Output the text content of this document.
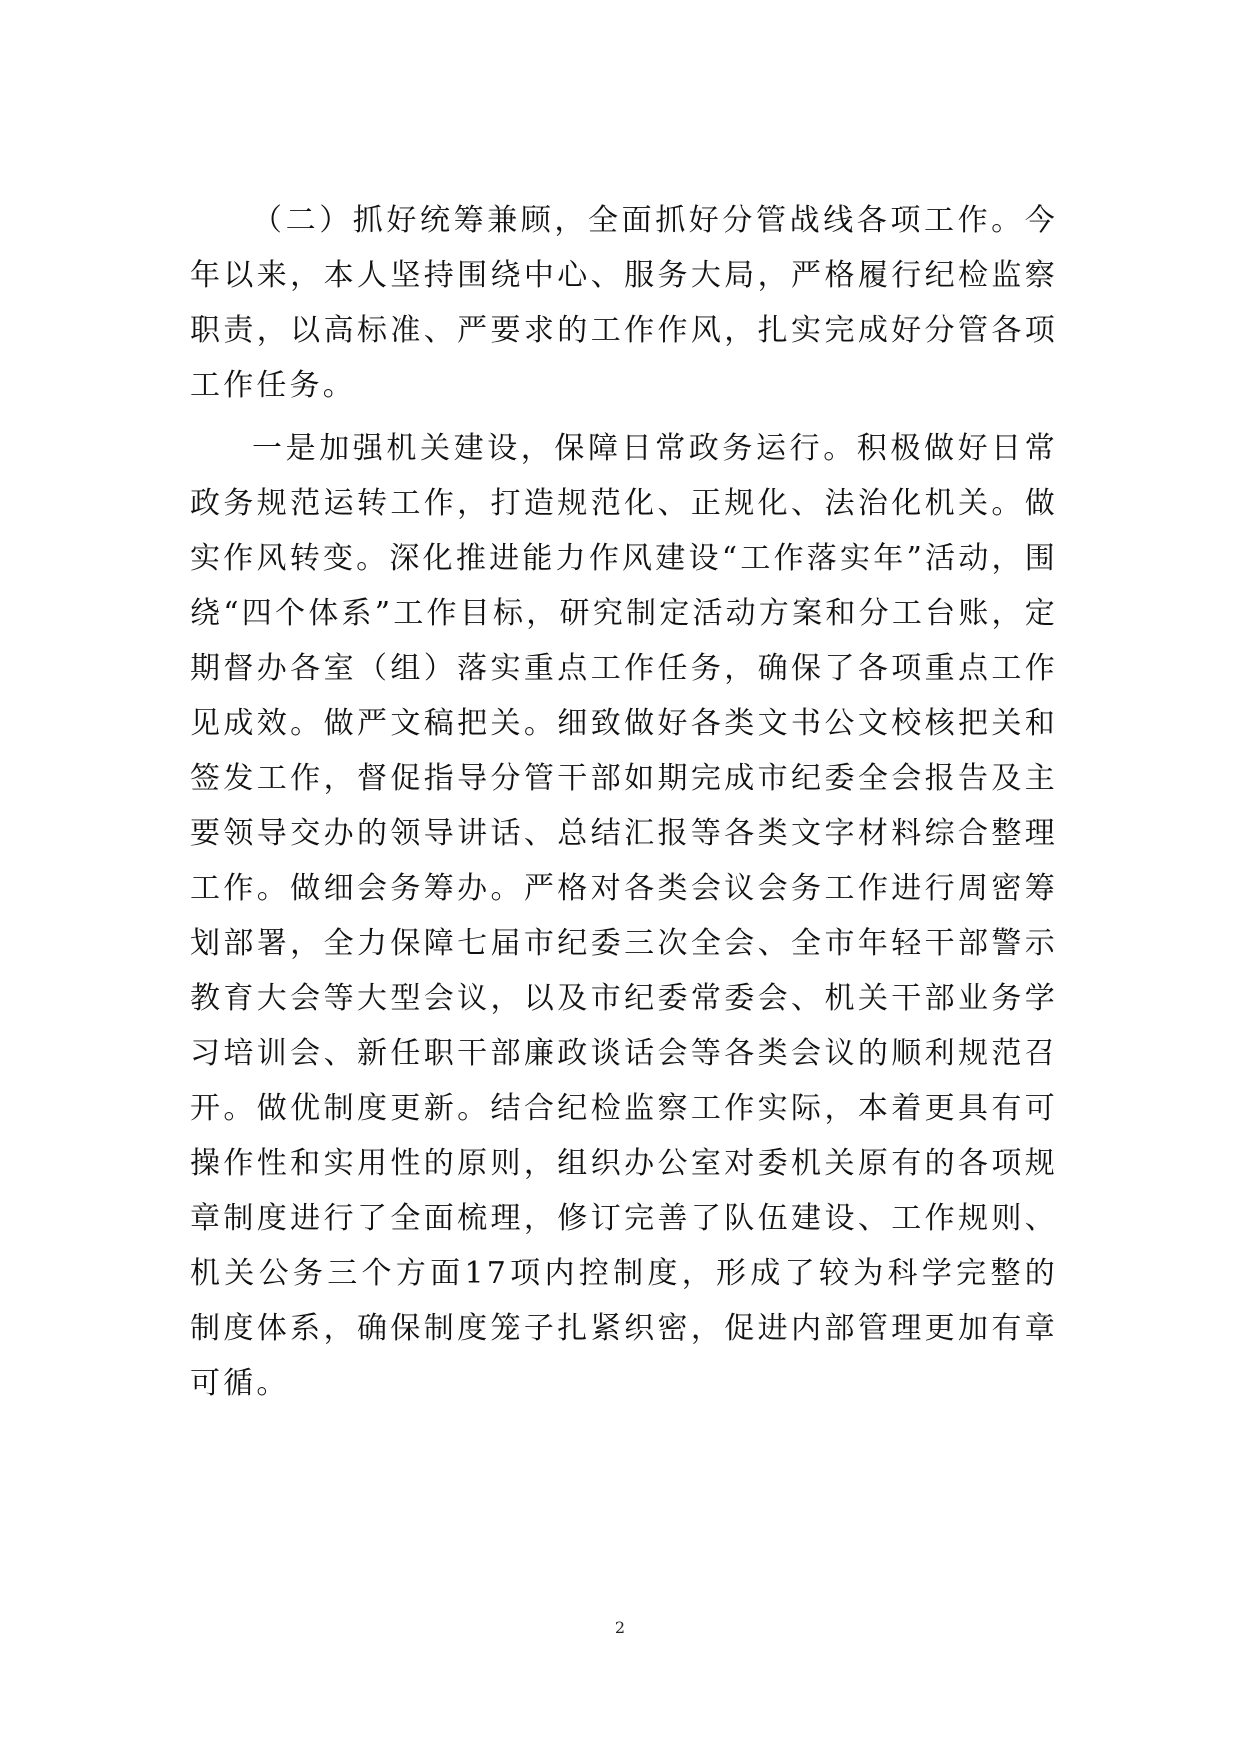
（二）抓好统筹兼顾，全面抓好分管战线各项工作。今年以来，本人坚持围绕中心、服务大局，严格履行纪检监察职责，以高标准、严要求的工作作风，扎实完成好分管各项工作任务。

一是加强机关建设，保障日常政务运行。积极做好日常政务规范运转工作，打造规范化、正规化、法治化机关。做实作风转变。深化推进能力作风建设“工作落实年”活动，围绕“四个体系”工作目标，研究制定活动方案和分工台账，定期督办各室（组）落实重点工作任务，确保了各项重点工作见成效。做严文稿把关。细致做好各类文书公文校核把关和签发工作，督促指导分管干部如期完成市纪委全会报告及主要领导交办的领导讲话、总结汇报等各类文字材料综合整理工作。做细会务筹办。严格对各类会议会务工作进行周密筹划部署，全力保障七届市纪委三次全会、全市年轻干部警示教育大会等大型会议，以及市纪委常委会、机关干部业务学习培训会、新任职干部廉政谈话会等各类会议的顺利规范召开。做优制度更新。结合纪检监察工作实际，本着更具有可操作性和实用性的原则，组织办公室对委机关原有的各项规章制度进行了全面梳理，修订完善了队伍建设、工作规则、机关公务三个方面17项内控制度，形成了较为科学完整的制度体系，确保制度笼子扎紧织密，促进内部管理更加有章可循。

2
